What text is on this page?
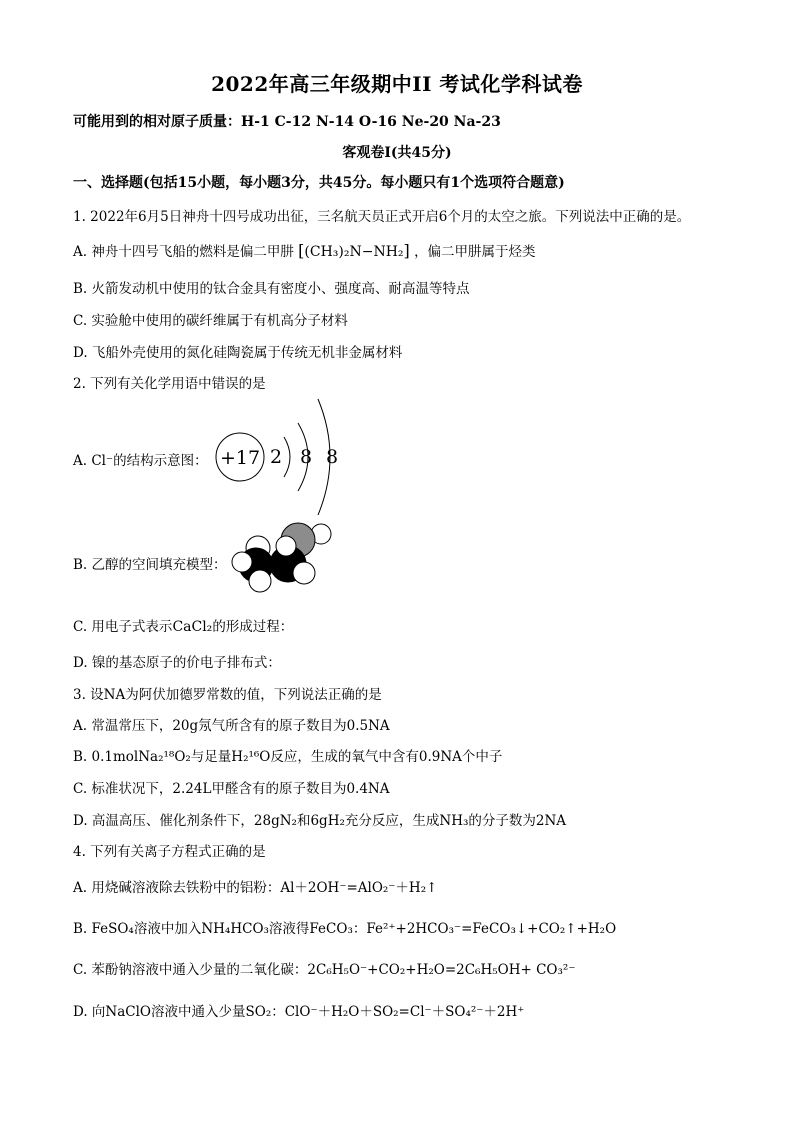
2022年高三年级期中II 考试化学科试卷
可能用到的相对原子质量：H-1 C-12 N-14 O-16 Ne-20 Na-23
客观卷I(共45分)
一、选择题(包括15小题，每小题3分，共45分。每小题只有1个选项符合题意)
1. 2022年6月5日神舟十四号成功出征，三名航天员正式开启6个月的太空之旅。下列说法中正确的是。
A. 神舟十四号飞船的燃料是偏二甲肼 [(CH₃)₂N−NH₂] ，偏二甲肼属于烃类
B. 火箭发动机中使用的钛合金具有密度小、强度高、耐高温等特点
C. 实验舱中使用的碳纤维属于有机高分子材料
D. 飞船外壳使用的氮化硅陶瓷属于传统无机非金属材料
2. 下列有关化学用语中错误的是
A. Cl⁻的结构示意图： +17 2 8 8
B. 乙醇的空间填充模型：
C. 用电子式表示CaCl₂的形成过程：
D. 镍的基态原子的价电子排布式：
3. 设NA为阿伏加德罗常数的值，下列说法正确的是
A. 常温常压下，20g氖气所含有的原子数目为0.5NA
B. 0.1molNa₂¹⁸O₂与足量H₂¹⁶O反应，生成的氧气中含有0.9NA个中子
C. 标准状况下，2.24L甲醛含有的原子数目为0.4NA
D. 高温高压、催化剂条件下，28gN₂和6gH₂充分反应，生成NH₃的分子数为2NA
4. 下列有关离子方程式正确的是
A. 用烧碱溶液除去铁粉中的铝粉：Al＋2OH⁻=AlO₂⁻＋H₂↑
B. FeSO₄溶液中加入NH₄HCO₃溶液得FeCO₃：Fe²⁺+2HCO₃⁻=FeCO₃↓+CO₂↑+H₂O
C. 苯酚钠溶液中通入少量的二氧化碳：2C₆H₅O⁻+CO₂+H₂O=2C₆H₅OH+ CO₃²⁻
D. 向NaClO溶液中通入少量SO₂：ClO⁻＋H₂O＋SO₂=Cl⁻＋SO₄²⁻＋2H⁺
